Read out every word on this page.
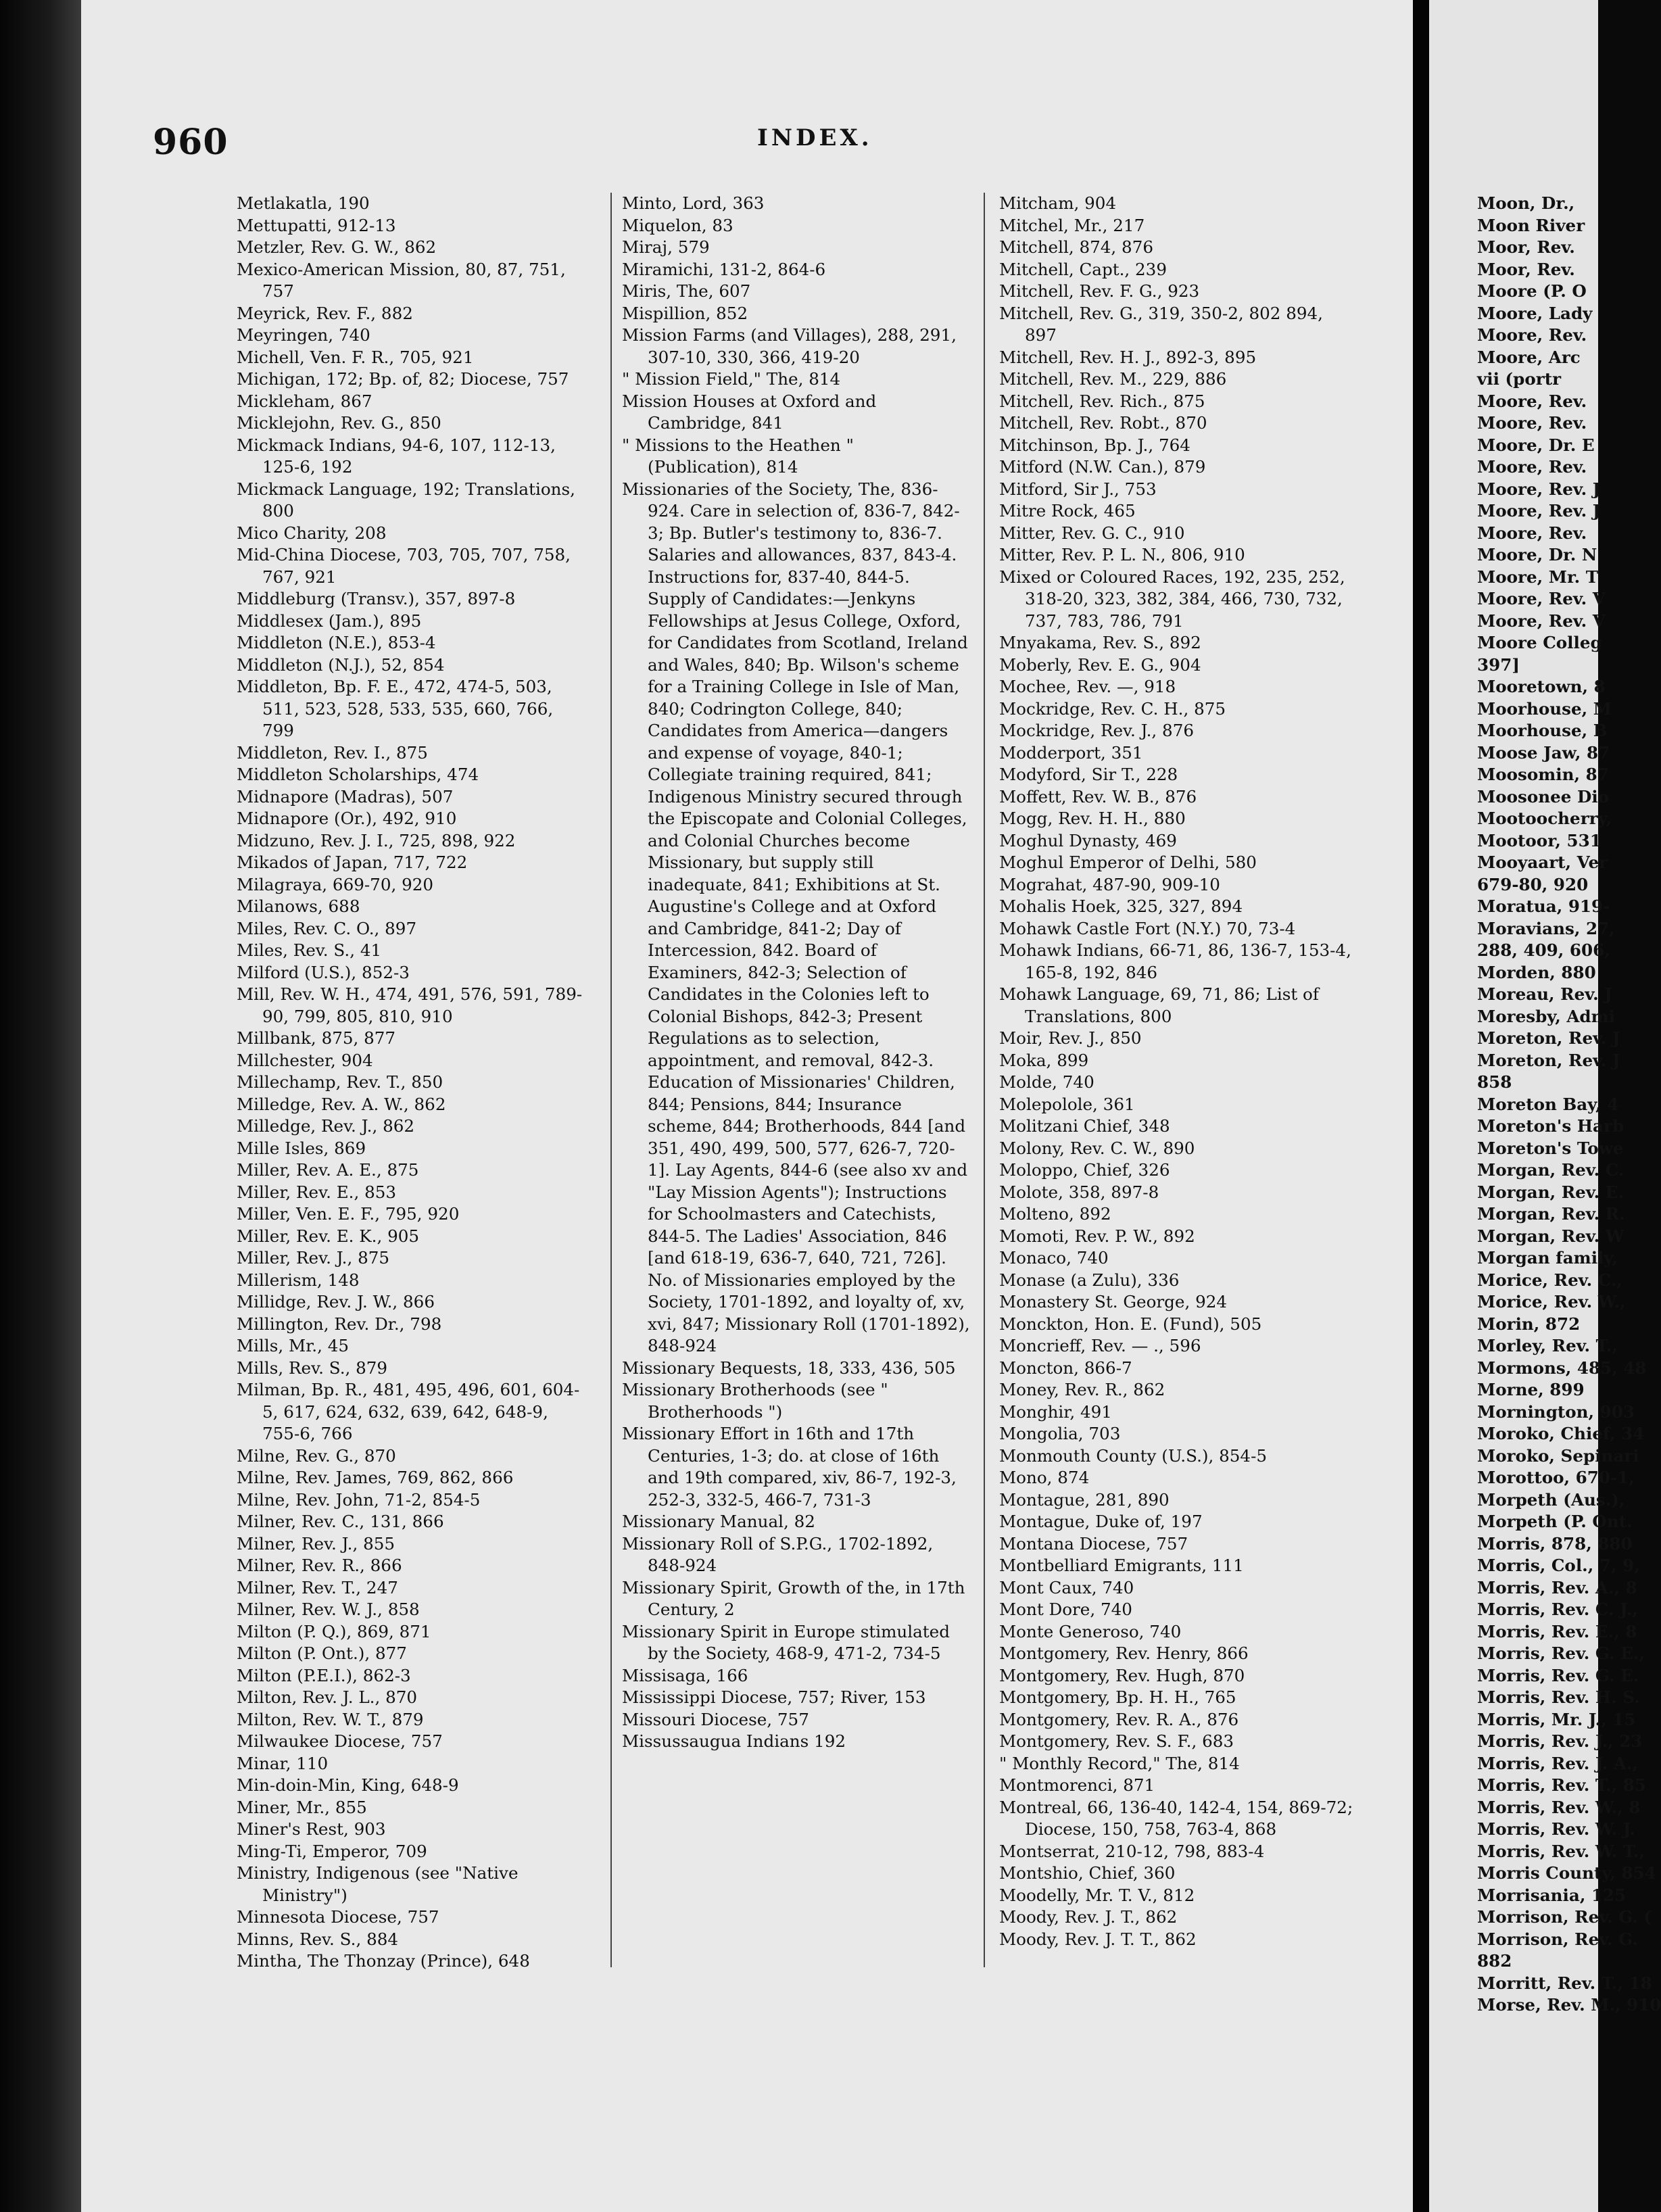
960	INDEX.
Metlakatla, 190
Mettupatti, 912-13
Metzler, Rev. G. W., 862
Mexico-American Mission, 80, 87, 751, 757
Meyrick, Rev. F., 882
Meyringen, 740
Michell, Ven. F. R., 705, 921
Michigan, 172; Bp. of, 82; Diocese, 757
Mickleham, 867
Micklejohn, Rev. G., 850
Mickmack Indians, 94-6, 107, 112-13, 125-6, 192
Mickmack Language, 192; Translations, 800
Mico Charity, 208
Mid-China Diocese, 703, 705, 707, 758, 767, 921
Middleburg (Transv.), 357, 897-8
Middlesex (Jam.), 895
Middleton (N.E.), 853-4
Middleton (N.J.), 52, 854
Middleton, Bp. F. E., 472, 474-5, 503, 511, 523, 528, 533, 535, 660, 766, 799
Middleton, Rev. I., 875
Middleton Scholarships, 474
Midnapore (Madras), 507
Midnapore (Or.), 492, 910
Midzuno, Rev. J. I., 725, 898, 922
Mikados of Japan, 717, 722
Milagraya, 669-70, 920
Milanows, 688
Miles, Rev. C. O., 897
Miles, Rev. S., 41
Milford (U.S.), 852-3
Mill, Rev. W. H., 474, 491, 576, 591, 789-90, 799, 805, 810, 910
Millbank, 875, 877
Millchester, 904
Millechamp, Rev. T., 850
Milledge, Rev. A. W., 862
Milledge, Rev. J., 862
Mille Isles, 869
Miller, Rev. A. E., 875
Miller, Rev. E., 853
Miller, Ven. E. F., 795, 920
Miller, Rev. E. K., 905
Miller, Rev. J., 875
Millerism, 148
Millidge, Rev. J. W., 866
Millington, Rev. Dr., 798
Mills, Mr., 45
Mills, Rev. S., 879
Milman, Bp. R., 481, 495, 496, 601, 604-5, 617, 624, 632, 639, 642, 648-9, 755-6, 766
Milne, Rev. G., 870
Milne, Rev. James, 769, 862, 866
Milne, Rev. John, 71-2, 854-5
Milner, Rev. C., 131, 866
Milner, Rev. J., 855
Milner, Rev. R., 866
Milner, Rev. T., 247
Milner, Rev. W. J., 858
Milton (P. Q.), 869, 871
Milton (P. Ont.), 877
Milton (P.E.I.), 862-3
Milton, Rev. J. L., 870
Milton, Rev. W. T., 879
Milwaukee Diocese, 757
Minar, 110
Min-doin-Min, King, 648-9
Miner, Mr., 855
Miner's Rest, 903
Ming-Ti, Emperor, 709
Ministry, Indigenous (see "Native Ministry")
Minnesota Diocese, 757
Minns, Rev. S., 884
Mintha, The Thonzay (Prince), 648
Minto, Lord, 363
Miquelon, 83
Miraj, 579
Miramichi, 131-2, 864-6
Miris, The, 607
Mispillion, 852
Mission Farms (and Villages), 288, 291, 307-10, 330, 366, 419-20
" Mission Field," The, 814
Mission Houses at Oxford and Cambridge, 841
" Missions to the Heathen " (Publication), 814
Missionaries of the Society, The, 836-924. Care in selection of, 836-7, 842-3; Bp. Butler's testimony to, 836-7. Salaries and allowances, 837, 843-4. Instructions for, 837-40, 844-5. Supply of Candidates:—Jenkyns Fellowships at Jesus College, Oxford, for Candidates from Scotland, Ireland and Wales, 840; Bp. Wilson's scheme for a Training College in Isle of Man, 840; Codrington College, 840; Candidates from America—dangers and expense of voyage, 840-1; Collegiate training required, 841; Indigenous Ministry secured through the Episcopate and Colonial Colleges, and Colonial Churches become Missionary, but supply still inadequate, 841; Exhibitions at St. Augustine's College and at Oxford and Cambridge, 841-2; Day of Intercession, 842. Board of Examiners, 842-3; Selection of Candidates in the Colonies left to Colonial Bishops, 842-3; Present Regulations as to selection, appointment, and removal, 842-3. Education of Missionaries' Children, 844; Pensions, 844; Insurance scheme, 844; Brotherhoods, 844 [and 351, 490, 499, 500, 577, 626-7, 720-1]. Lay Agents, 844-6 (see also xv and "Lay Mission Agents"); Instructions for Schoolmasters and Catechists, 844-5. The Ladies' Association, 846 [and 618-19, 636-7, 640, 721, 726]. No. of Missionaries employed by the Society, 1701-1892, and loyalty of, xv, xvi, 847; Missionary Roll (1701-1892), 848-924
Missionary Bequests, 18, 333, 436, 505
Missionary Brotherhoods (see " Brotherhoods ")
Missionary Effort in 16th and 17th Centuries, 1-3; do. at close of 16th and 19th compared, xiv, 86-7, 192-3, 252-3, 332-5, 466-7, 731-3
Missionary Manual, 82
Missionary Roll of S.P.G., 1702-1892, 848-924
Missionary Spirit, Growth of the, in 17th Century, 2
Missionary Spirit in Europe stimulated by the Society, 468-9, 471-2, 734-5
Missisaga, 166
Mississippi Diocese, 757; River, 153
Missouri Diocese, 757
Missussaugua Indians 192
Mitcham, 904
Mitchel, Mr., 217
Mitchell, 874, 876
Mitchell, Capt., 239
Mitchell, Rev. F. G., 923
Mitchell, Rev. G., 319, 350-2, 802 894, 897
Mitchell, Rev. H. J., 892-3, 895
Mitchell, Rev. M., 229, 886
Mitchell, Rev. Rich., 875
Mitchell, Rev. Robt., 870
Mitchinson, Bp. J., 764
Mitford (N.W. Can.), 879
Mitford, Sir J., 753
Mitre Rock, 465
Mitter, Rev. G. C., 910
Mitter, Rev. P. L. N., 806, 910
Mixed or Coloured Races, 192, 235, 252, 318-20, 323, 382, 384, 466, 730, 732, 737, 783, 786, 791
Mnyakama, Rev. S., 892
Moberly, Rev. E. G., 904
Mochee, Rev. —, 918
Mockridge, Rev. C. H., 875
Mockridge, Rev. J., 876
Modderport, 351
Modyford, Sir T., 228
Moffett, Rev. W. B., 876
Mogg, Rev. H. H., 880
Moghul Dynasty, 469
Moghul Emperor of Delhi, 580
Mograhat, 487-90, 909-10
Mohalis Hoek, 325, 327, 894
Mohawk Castle Fort (N.Y.) 70, 73-4
Mohawk Indians, 66-71, 86, 136-7, 153-4, 165-8, 192, 846
Mohawk Language, 69, 71, 86; List of Translations, 800
Moir, Rev. J., 850
Moka, 899
Molde, 740
Molepolole, 361
Molitzani Chief, 348
Molony, Rev. C. W., 890
Moloppo, Chief, 326
Molote, 358, 897-8
Molteno, 892
Momoti, Rev. P. W., 892
Monaco, 740
Monase (a Zulu), 336
Monastery St. George, 924
Monckton, Hon. E. (Fund), 505
Moncrieff, Rev. — ., 596
Moncton, 866-7
Money, Rev. R., 862
Monghir, 491
Mongolia, 703
Monmouth County (U.S.), 854-5
Mono, 874
Montague, 281, 890
Montague, Duke of, 197
Montana Diocese, 757
Montbelliard Emigrants, 111
Mont Caux, 740
Mont Dore, 740
Monte Generoso, 740
Montgomery, Rev. Henry, 866
Montgomery, Rev. Hugh, 870
Montgomery, Bp. H. H., 765
Montgomery, Rev. R. A., 876
Montgomery, Rev. S. F., 683
" Monthly Record," The, 814
Montmorenci, 871
Montreal, 66, 136-40, 142-4, 154, 869-72; Diocese, 150, 758, 763-4, 868
Montserrat, 210-12, 798, 883-4
Montshio, Chief, 360
Moodelly, Mr. T. V., 812
Moody, Rev. J. T., 862
Moody, Rev. J. T. T., 862
Moon, Dr.,
Moon River
Moor, Rev.
Moor, Rev.
Moore (P. O
Moore, Lady
Moore, Rev.
Moore, Arc
vii (portr
Moore, Rev.
Moore, Rev.
Moore, Dr. E
Moore, Rev.
Moore, Rev. J
Moore, Rev. J
Moore, Rev.
Moore, Dr. N
Moore, Mr. T
Moore, Rev. V
Moore, Rev. V
Moore Colleg
397]
Mooretown, 8
Moorhouse, M
Moorhouse, B
Moose Jaw, 87
Moosomin, 87
Moosonee Dio
Mootoocherry,
Mootoor, 531
Mooyaart, Ver
679-80, 920
Moratua, 919-
Moravians, 27,
288, 409, 606,
Morden, 880
Moreau, Rev. J
Moresby, Admi
Moreton, Rev. J
Moreton, Rev. J
858
Moreton Bay, 4
Moreton's Harb
Moreton's Towe
Morgan, Rev. C.
Morgan, Rev. E.
Morgan, Rev. R.
Morgan, Rev. W
Morgan family,
Morice, Rev. C.,
Morice, Rev. W.,
Morin, 872
Morley, Rev. T.,
Mormons, 485, 48
Morne, 899
Mornington, 903
Moroko, Chief, 34
Moroko, Sepinari
Morottoo, 670-1,
Morpeth (Aus.),
Morpeth (P. Ont.
Morris, 878, 880
Morris, Col., 7, 9,
Morris, Rev. A., 8
Morris, Rev. C. J.,
Morris, Rev. E., 8
Morris, Rev. G. E.,
Morris, Rev. G. E.
Morris, Rev. H. S.
Morris, Mr. J., 15
Morris, Rev. J., 23
Morris, Rev. J. A.,
Morris, Rev. T., 85
Morris, Rev. W., 8
Morris, Rev. W. J.
Morris, Rev. W. T.,
Morris County, 854
Morrisania, 125
Morrison, Rev. G. (
Morrison, Rev. G.
882
Morritt, Rev. T., 18
Morse, Rev. M., 910
